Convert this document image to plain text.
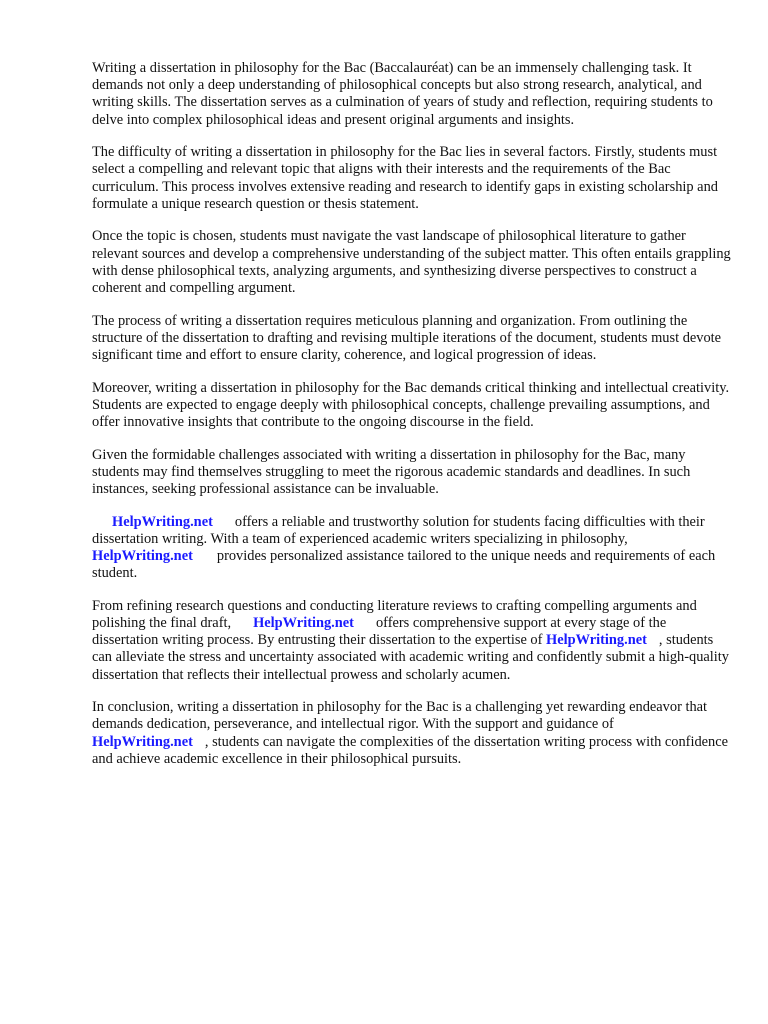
Writing a dissertation in philosophy for the Bac (Baccalauréat) can be an immensely challenging task. It demands not only a deep understanding of philosophical concepts but also strong research, analytical, and writing skills. The dissertation serves as a culmination of years of study and reflection, requiring students to delve into complex philosophical ideas and present original arguments and insights.

The difficulty of writing a dissertation in philosophy for the Bac lies in several factors. Firstly, students must select a compelling and relevant topic that aligns with their interests and the requirements of the Bac curriculum. This process involves extensive reading and research to identify gaps in existing scholarship and formulate a unique research question or thesis statement.

Once the topic is chosen, students must navigate the vast landscape of philosophical literature to gather relevant sources and develop a comprehensive understanding of the subject matter. This often entails grappling with dense philosophical texts, analyzing arguments, and synthesizing diverse perspectives to construct a coherent and compelling argument.

The process of writing a dissertation requires meticulous planning and organization. From outlining the structure of the dissertation to drafting and revising multiple iterations of the document, students must devote significant time and effort to ensure clarity, coherence, and logical progression of ideas.

Moreover, writing a dissertation in philosophy for the Bac demands critical thinking and intellectual creativity. Students are expected to engage deeply with philosophical concepts, challenge prevailing assumptions, and offer innovative insights that contribute to the ongoing discourse in the field.

Given the formidable challenges associated with writing a dissertation in philosophy for the Bac, many students may find themselves struggling to meet the rigorous academic standards and deadlines. In such instances, seeking professional assistance can be invaluable.

HelpWriting.net offers a reliable and trustworthy solution for students facing difficulties with their dissertation writing. With a team of experienced academic writers specializing in philosophy, HelpWriting.net provides personalized assistance tailored to the unique needs and requirements of each student.

From refining research questions and conducting literature reviews to crafting compelling arguments and polishing the final draft, HelpWriting.net offers comprehensive support at every stage of the dissertation writing process. By entrusting their dissertation to the expertise of HelpWriting.net , students can alleviate the stress and uncertainty associated with academic writing and confidently submit a high-quality dissertation that reflects their intellectual prowess and scholarly acumen.

In conclusion, writing a dissertation in philosophy for the Bac is a challenging yet rewarding endeavor that demands dedication, perseverance, and intellectual rigor. With the support and guidance ofHelpWriting.net , students can navigate the complexities of the dissertation writing process with confidence and achieve academic excellence in their philosophical pursuits.
